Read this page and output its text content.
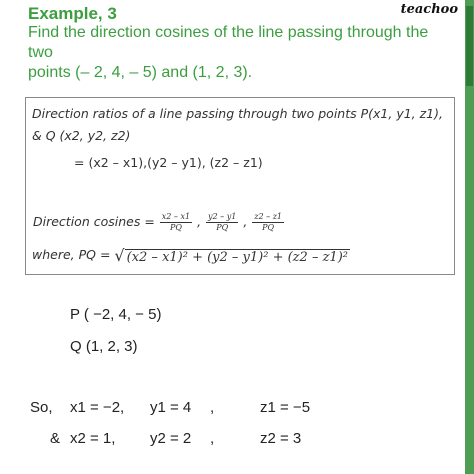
teachoo
Example, 3
Find the direction cosines of the line passing through the two
points (– 2, 4, – 5) and (1, 2, 3).
Direction ratios of a line passing through two points P(x1, y1, z1),
& Q (x2, y2, z2)
= (x2 – x1),(y2 – y1), (z2 – z1)
Direction cosines = $\frac{x2 - x1}{PQ}$ , $\frac{y2 - y1}{PQ}$ , $\frac{z2 - z1}{PQ}$
where, PQ = √ (x2 – x1)² + (y2 – y1)² + (z2 – z1)²
P ( −2, 4, − 5)
Q (1, 2, 3)
So, x1 = −2, y1 = 4 ,	z1 = −5
& x2 = 1, y2 = 2 ,	z2 = 3
